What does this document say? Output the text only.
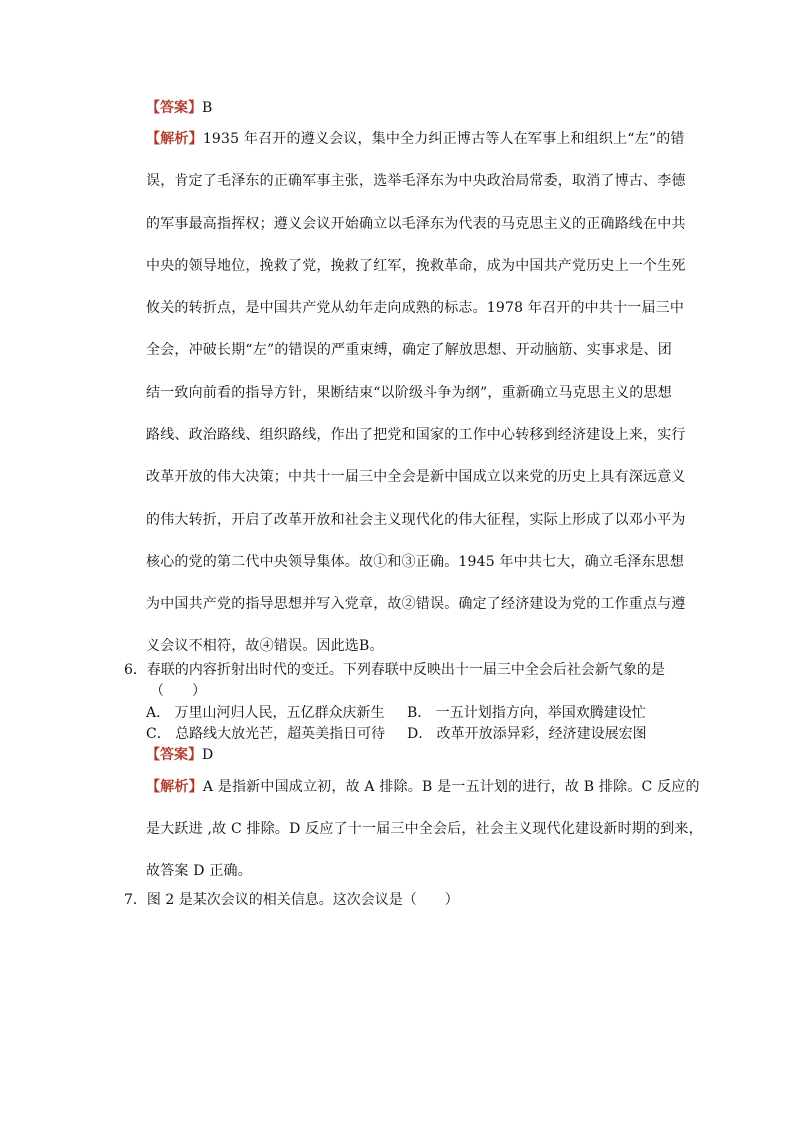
【答案】B

【解析】1935 年召开的遵义会议，集中全力纠正博古等人在军事上和组织上“左”的错

误，肯定了毛泽东的正确军事主张，选举毛泽东为中央政治局常委，取消了博古、李德

的军事最高指挥权；遵义会议开始确立以毛泽东为代表的马克思主义的正确路线在中共

中央的领导地位，挽救了党，挽救了红军，挽救革命，成为中国共产党历史上一个生死

攸关的转折点，是中国共产党从幼年走向成熟的标志。1978 年召开的中共十一届三中

全会，冲破长期“左”的错误的严重束缚，确定了解放思想、开动脑筋、实事求是、团

结一致向前看的指导方针，果断结束“以阶级斗争为纲”，重新确立马克思主义的思想

路线、政治路线、组织路线，作出了把党和国家的工作中心转移到经济建设上来，实行

改革开放的伟大决策；中共十一届三中全会是新中国成立以来党的历史上具有深远意义

的伟大转折，开启了改革开放和社会主义现代化的伟大征程，实际上形成了以邓小平为

核心的党的第二代中央领导集体。故①和③正确。1945 年中共七大，确立毛泽东思想

为中国共产党的指导思想并写入党章，故②错误。确定了经济建设为党的工作重点与遵

义会议不相符，故④错误。因此选B。

6．春联的内容折射出时代的变迁。下列春联中反映出十一届三中全会后社会新气象的是
（　　）
A． 万里山河归人民，五亿群众庆新生 B． 一五计划指方向，举国欢腾建设忙
C． 总路线大放光芒，超英美指日可待 D． 改革开放添异彩，经济建设展宏图
【答案】D

【解析】A 是指新中国成立初，故 A 排除。B 是一五计划的进行，故 B 排除。C 反应的

是大跃进 ,故 C 排除。D 反应了十一届三中全会后，社会主义现代化建设新时期的到来，

故答案 D 正确。

7．图 2 是某次会议的相关信息。这次会议是（　　）
